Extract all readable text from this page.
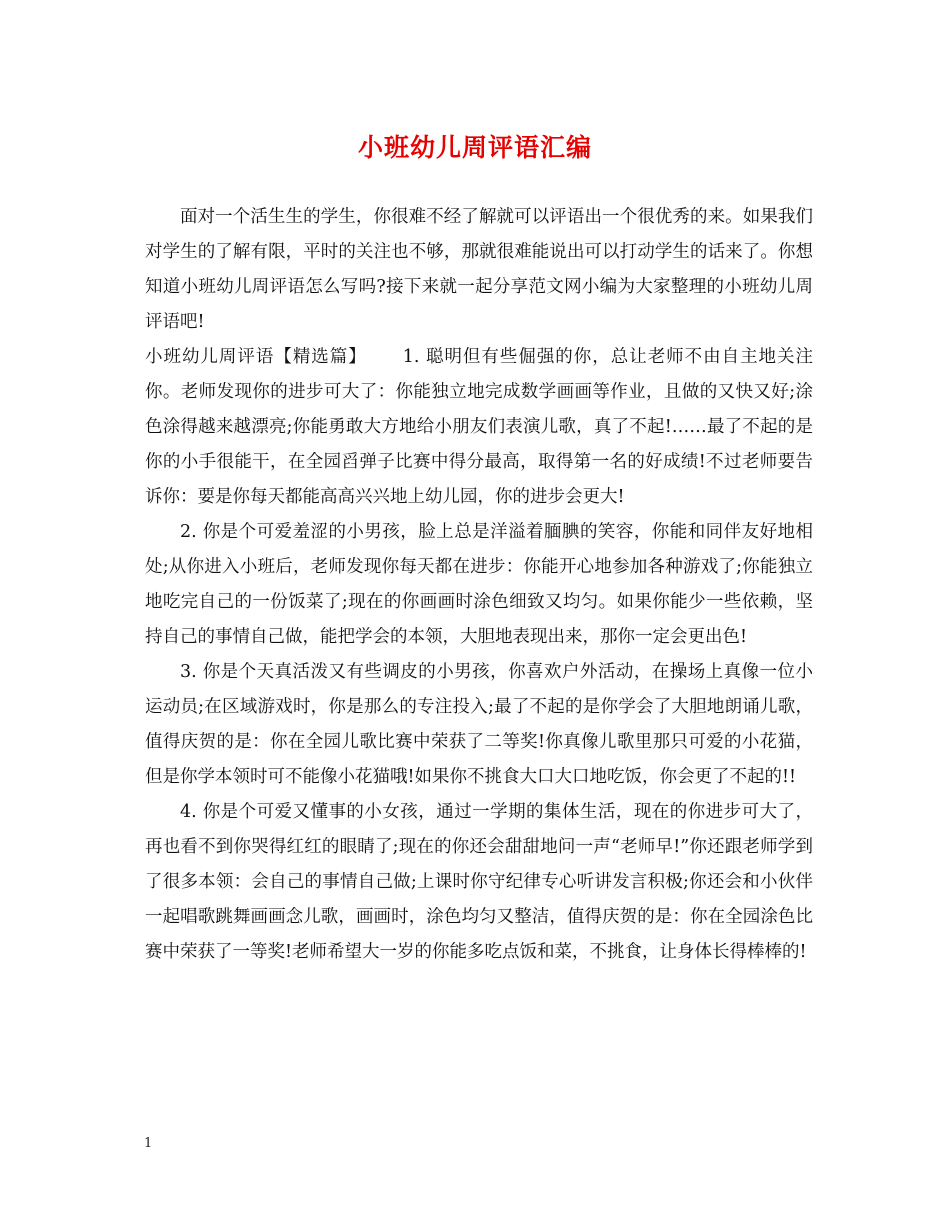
小班幼儿周评语汇编

面对一个活生生的学生，你很难不经了解就可以评语出一个很优秀的来。如果我们对学生的了解有限，平时的关注也不够，那就很难能说出可以打动学生的话来了。你想知道小班幼儿周评语怎么写吗?接下来就一起分享范文网小编为大家整理的小班幼儿周评语吧!

小班幼儿周评语【精选篇】 1. 聪明但有些倔强的你，总让老师不由自主地关注你。老师发现你的进步可大了：你能独立地完成数学画画等作业，且做的又快又好;涂色涂得越来越漂亮;你能勇敢大方地给小朋友们表演儿歌，真了不起!……最了不起的是你的小手很能干，在全园舀弹子比赛中得分最高，取得第一名的好成绩!不过老师要告诉你：要是你每天都能高高兴兴地上幼儿园，你的进步会更大!

2. 你是个可爱羞涩的小男孩，脸上总是洋溢着腼腆的笑容，你能和同伴友好地相处;从你进入小班后，老师发现你每天都在进步：你能开心地参加各种游戏了;你能独立地吃完自己的一份饭菜了;现在的你画画时涂色细致又均匀。如果你能少一些依赖，坚持自己的事情自己做，能把学会的本领，大胆地表现出来，那你一定会更出色!

3. 你是个天真活泼又有些调皮的小男孩，你喜欢户外活动，在操场上真像一位小运动员;在区域游戏时，你是那么的专注投入;最了不起的是你学会了大胆地朗诵儿歌，值得庆贺的是：你在全园儿歌比赛中荣获了二等奖!你真像儿歌里那只可爱的小花猫，但是你学本领时可不能像小花猫哦!如果你不挑食大口大口地吃饭，你会更了不起的!!

4. 你是个可爱又懂事的小女孩，通过一学期的集体生活，现在的你进步可大了，再也看不到你哭得红红的眼睛了;现在的你还会甜甜地问一声“老师早!”你还跟老师学到了很多本领：会自己的事情自己做;上课时你守纪律专心听讲发言积极;你还会和小伙伴一起唱歌跳舞画画念儿歌，画画时，涂色均匀又整洁，值得庆贺的是：你在全园涂色比赛中荣获了一等奖!老师希望大一岁的你能多吃点饭和菜，不挑食，让身体长得棒棒的!

1
